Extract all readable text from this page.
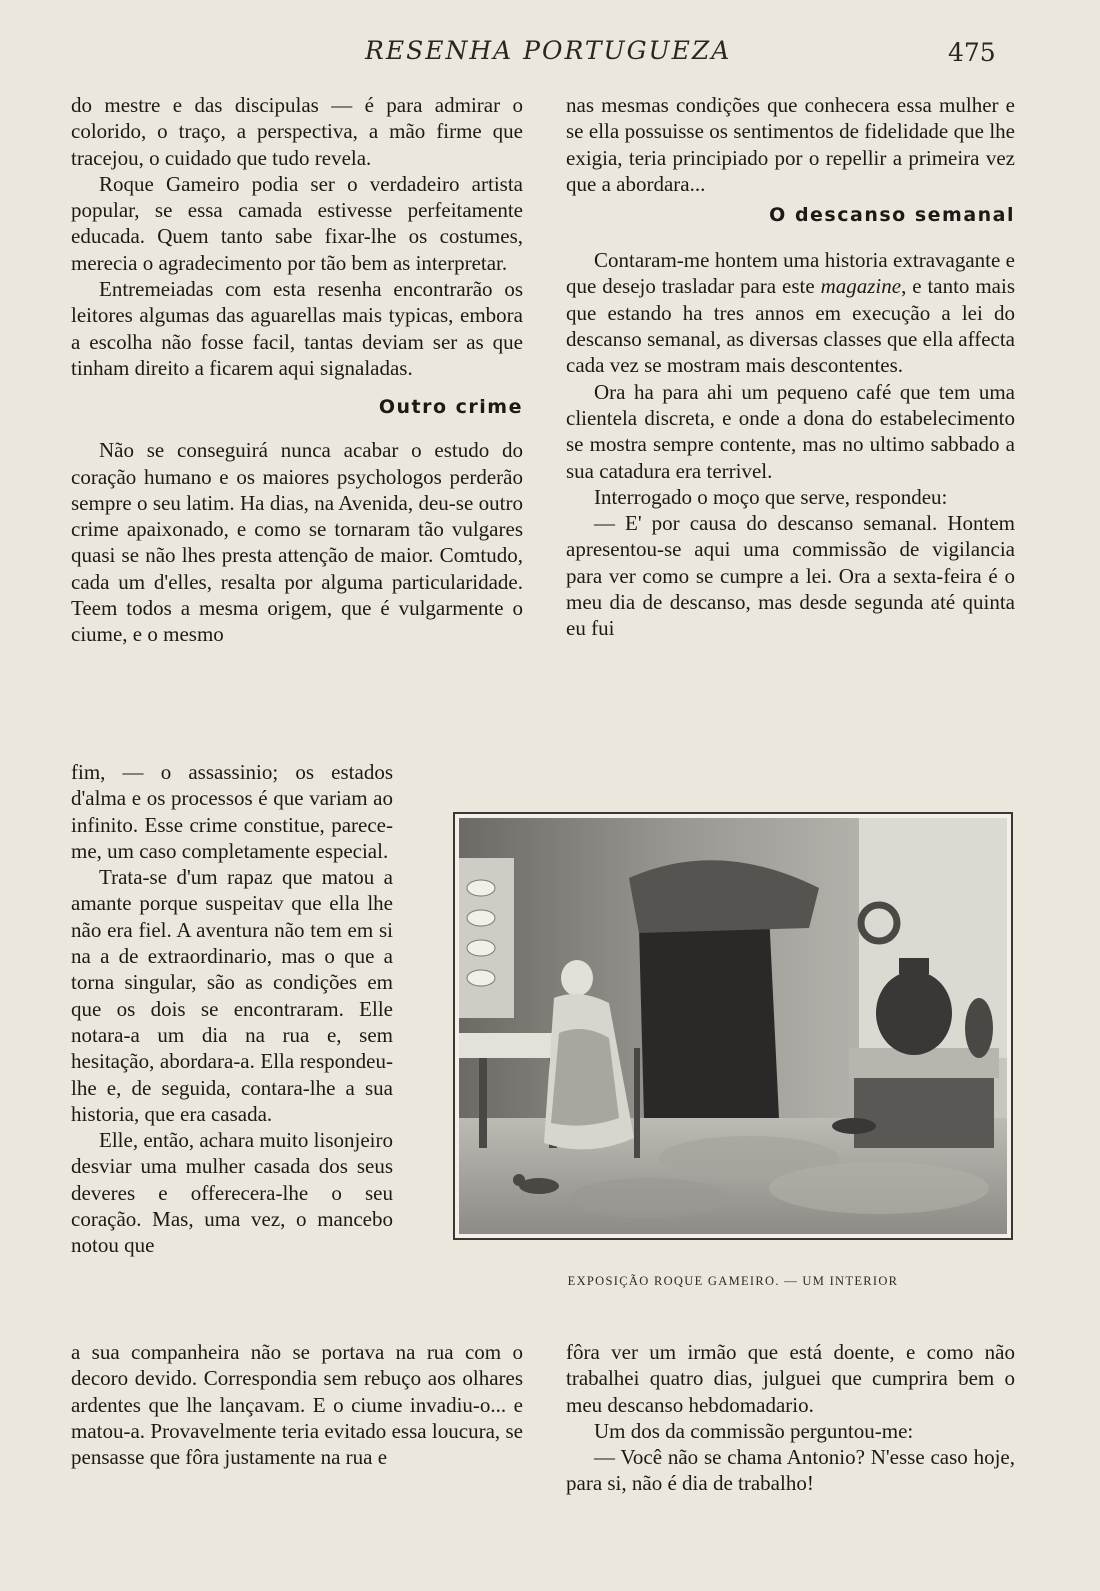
RESENHA PORTUGUEZA	475

do mestre e das discipulas — é para admirar o colorido, o traço, a perspectiva, a mão firme que tracejou, o cuidado que tudo revela.

Roque Gameiro podia ser o verdadeiro artista popular, se essa camada estivesse perfeitamente educada. Quem tanto sabe fixar-lhe os costumes, merecia o agradecimento por tão bem as interpretar.

Entremeiadas com esta resenha encontrarão os leitores algumas das aguarellas mais typicas, embora a escolha não fosse facil, tantas deviam ser as que tinham direito a ficarem aqui signaladas.

Outro crime

Não se conseguirá nunca acabar o estudo do coração humano e os maiores psychologos perderão sempre o seu latim. Ha dias, na Avenida, deu-se outro crime apaixonado, e como se tornaram tão vulgares quasi se não lhes presta attenção de maior. Comtudo, cada um d'elles, resalta por alguma particularidade. Teem todos a mesma origem, que é vulgarmente o ciume, e o mesmo

fim, — o assassinio; os estados d'alma e os processos é que variam ao infinito. Esse crime constitue, parece-me, um caso completamente especial.

Trata-se d'um rapaz que matou a amante porque suspeitav que ella lhe não era fiel. A aventura não tem em si na a de extraordinario, mas o que a torna singular, são as condições em que os dois se encontraram. Elle notara-a um dia na rua e, sem hesitação, abordara-a. Ella respondeu-lhe e, de seguida, contara-lhe a sua historia, que era casada.

Elle, então, achara muito lisonjeiro desviar uma mulher casada dos seus deveres e offerecera-lhe o seu coração. Mas, uma vez, o mancebo notou que

a sua companheira não se portava na rua com o decoro devido. Correspondia sem rebuço aos olhares ardentes que lhe lançavam. E o ciume invadiu-o... e matou-a. Provavelmente teria evitado essa loucura, se pensasse que fôra justamente na rua e

nas mesmas condições que conhecera essa mulher e se ella possuisse os sentimentos de fidelidade que lhe exigia, teria principiado por o repellir a primeira vez que a abordara...

O descanso semanal

Contaram-me hontem uma historia extravagante e que desejo trasladar para este magazine, e tanto mais que estando ha tres annos em execução a lei do descanso semanal, as diversas classes que ella affecta cada vez se mostram mais descontentes.

Ora ha para ahi um pequeno café que tem uma clientela discreta, e onde a dona do estabelecimento se mostra sempre contente, mas no ultimo sabbado a sua catadura era terrivel.

Interrogado o moço que serve, respondeu:

— E' por causa do descanso semanal. Hontem apresentou-se aqui uma commissão de vigilancia para ver como se cumpre a lei. Ora a sexta-feira é o meu dia de descanso, mas desde segunda até quinta eu fui

EXPOSIÇÃO ROQUE GAMEIRO. — UM INTERIOR

fôra ver um irmão que está doente, e como não trabalhei quatro dias, julguei que cumprira bem o meu descanso hebdomadario.

Um dos da commissão perguntou-me:

— Você não se chama Antonio? N'esse caso hoje, para si, não é dia de trabalho!
